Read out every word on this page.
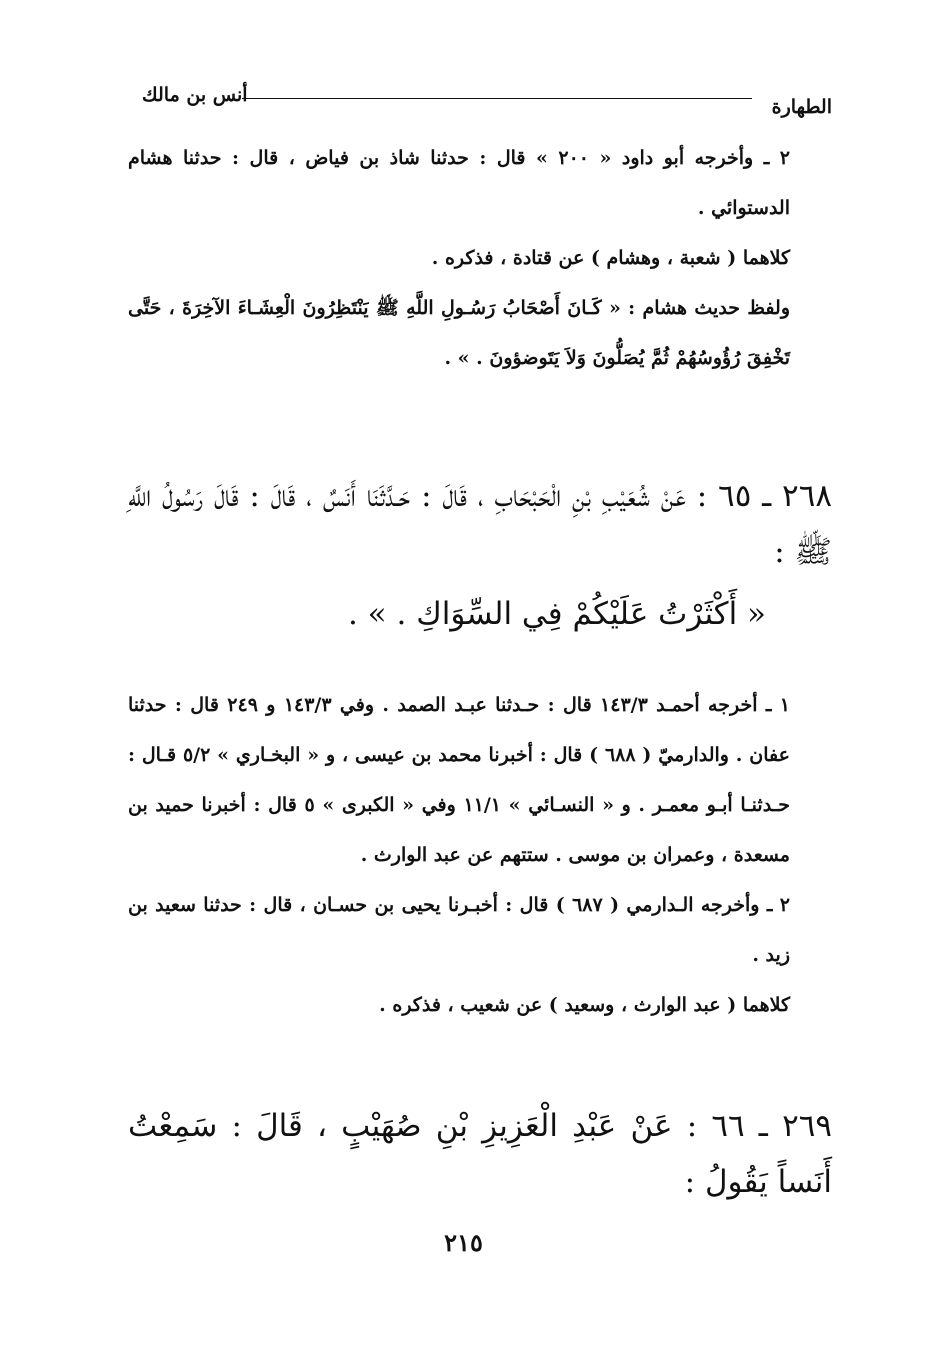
أنس بن مالك
الطهارة

٢ ـ وأخرجه أبو داود « ٢٠٠ » قال : حدثنا شاذ بن فياض ، قال : حدثنا هشام الدستوائي .

كلاهما ( شعبة ، وهشام ) عن قتادة ، فذكره .

ولفظ حديث هشام : « كَـانَ أَصْحَابُ رَسُـولِ اللَّهِ ﷺ يَنْتَظِرُونَ الْعِشَـاءَ الآخِرَةَ ، حَتَّى تَخْفِقَ رُؤُوسُهُمْ ثُمَّ يُصَلُّونَ وَلاَ يَتَوضؤونَ . » .

٢٦٨ ـ ٦٥ : عَنْ شُعَيْبِ بْنِ الْحَبْحَابِ ، قَالَ : حَـدَّثَنَا أَنَسٌ ، قَالَ : قَالَ رَسُولُ اللَّهِ ﷺ :

« أَكْثَرْتُ عَلَيْكُمْ فِي السِّوَاكِ . » .

١ ـ أخرجه أحمـد ١٤٣/٣ قال : حـدثنا عبـد الصمد . وفي ١٤٣/٣ و ٢٤٩ قال : حدثنا عفان . والدارميّ ( ٦٨٨ ) قال : أخبرنا محمد بن عيسى ، و « البخـاري » ٥/٢ قـال : حـدثنـا أبـو معمـر . و « النسـائي » ١١/١ وفي « الكبرى » ٥ قال : أخبرنا حميد بن مسعدة ، وعمران بن موسى . ستتهم عن عبد الوارث .

٢ ـ وأخرجه الـدارمي ( ٦٨٧ ) قال : أخبـرنا يحيى بن حسـان ، قال : حدثنا سعيد بن زيد .

كلاهما ( عبد الوارث ، وسعيد ) عن شعيب ، فذكره .

٢٦٩ ـ ٦٦ : عَنْ عَبْدِ الْعَزِيزِ بْنِ صُهَيْبٍ ، قَالَ : سَمِعْتُ أَنَساً يَقُولُ :

٢١٥
